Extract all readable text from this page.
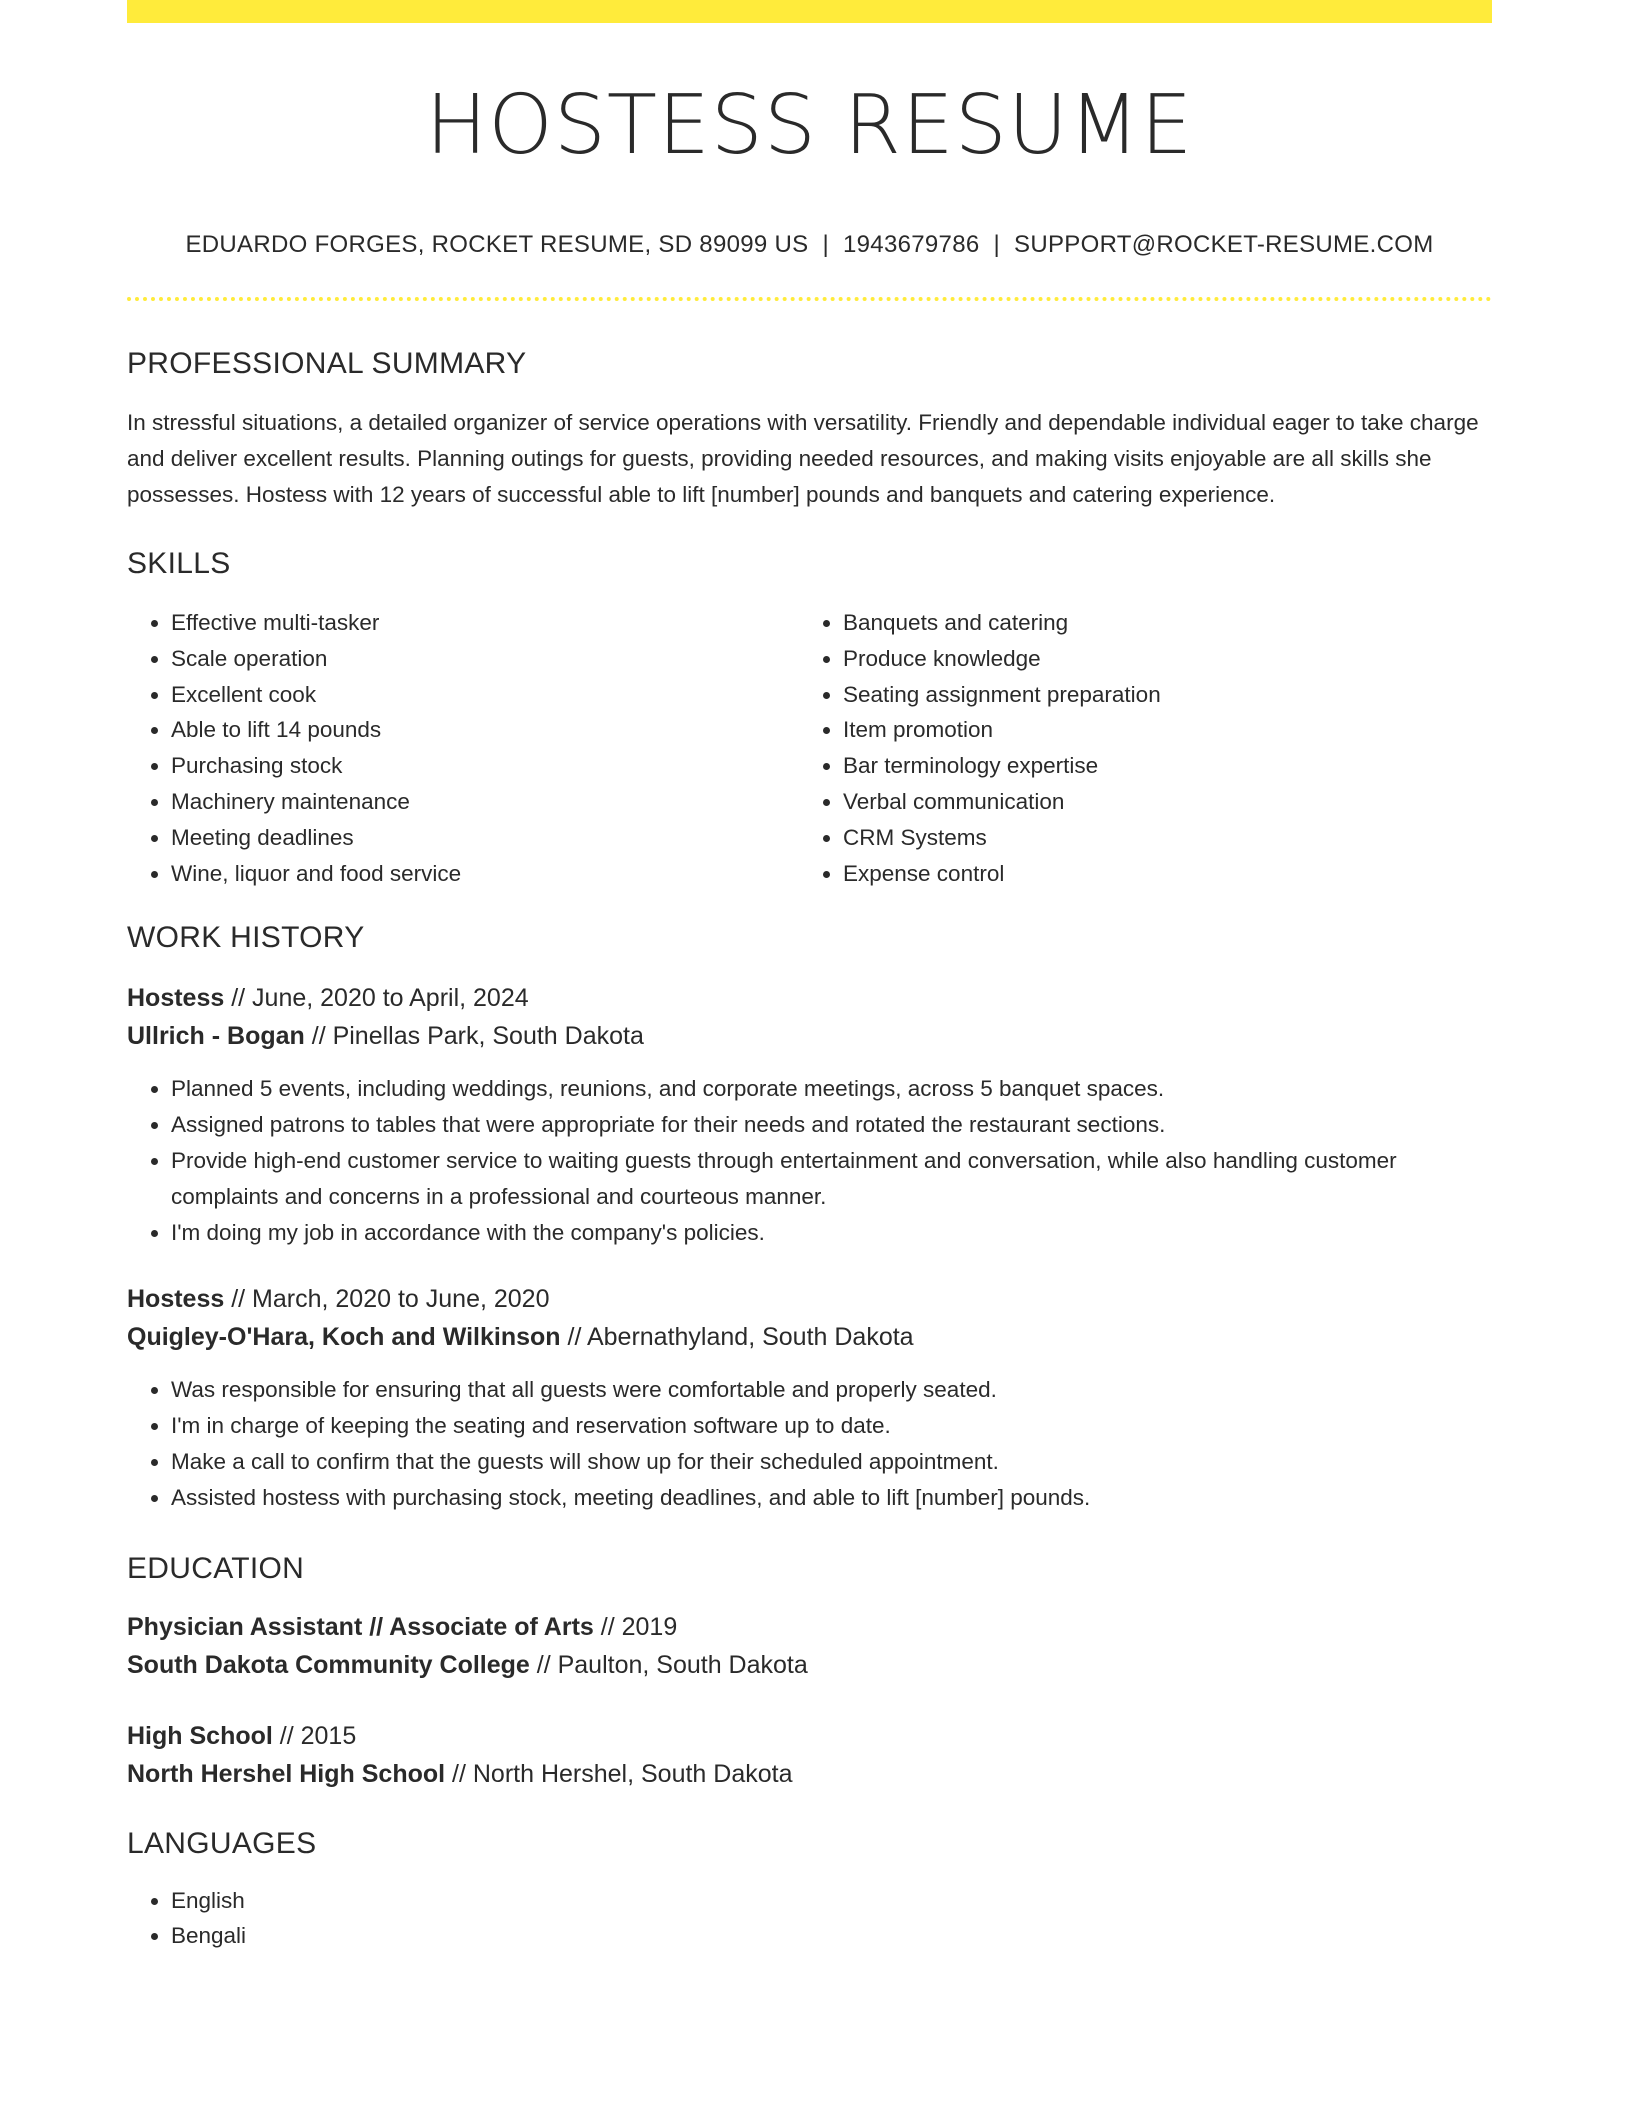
HOSTESS RESUME
EDUARDO FORGES, ROCKET RESUME, SD 89099 US | 1943679786 | SUPPORT@ROCKET-RESUME.COM
PROFESSIONAL SUMMARY

In stressful situations, a detailed organizer of service operations with versatility. Friendly and dependable individual eager to take charge and deliver excellent results. Planning outings for guests, providing needed resources, and making visits enjoyable are all skills she possesses. Hostess with 12 years of successful able to lift [number] pounds and banquets and catering experience.

SKILLS
• Effective multi-tasker
• Scale operation
• Excellent cook
• Able to lift 14 pounds
• Purchasing stock
• Machinery maintenance
• Meeting deadlines
• Wine, liquor and food service
• Banquets and catering
• Produce knowledge
• Seating assignment preparation
• Item promotion
• Bar terminology expertise
• Verbal communication
• CRM Systems
• Expense control
WORK HISTORY
Hostess // June, 2020 to April, 2024
Ullrich - Bogan // Pinellas Park, South Dakota
• Planned 5 events, including weddings, reunions, and corporate meetings, across 5 banquet spaces.
• Assigned patrons to tables that were appropriate for their needs and rotated the restaurant sections.
• Provide high-end customer service to waiting guests through entertainment and conversation, while also handling customer complaints and concerns in a professional and courteous manner.
• I'm doing my job in accordance with the company's policies.
Hostess // March, 2020 to June, 2020
Quigley-O'Hara, Koch and Wilkinson // Abernathyland, South Dakota
• Was responsible for ensuring that all guests were comfortable and properly seated.
• I'm in charge of keeping the seating and reservation software up to date.
• Make a call to confirm that the guests will show up for their scheduled appointment.
• Assisted hostess with purchasing stock, meeting deadlines, and able to lift [number] pounds.
EDUCATION
Physician Assistant // Associate of Arts // 2019
South Dakota Community College // Paulton, South Dakota
High School // 2015
North Hershel High School // North Hershel, South Dakota
LANGUAGES
• English
• Bengali
